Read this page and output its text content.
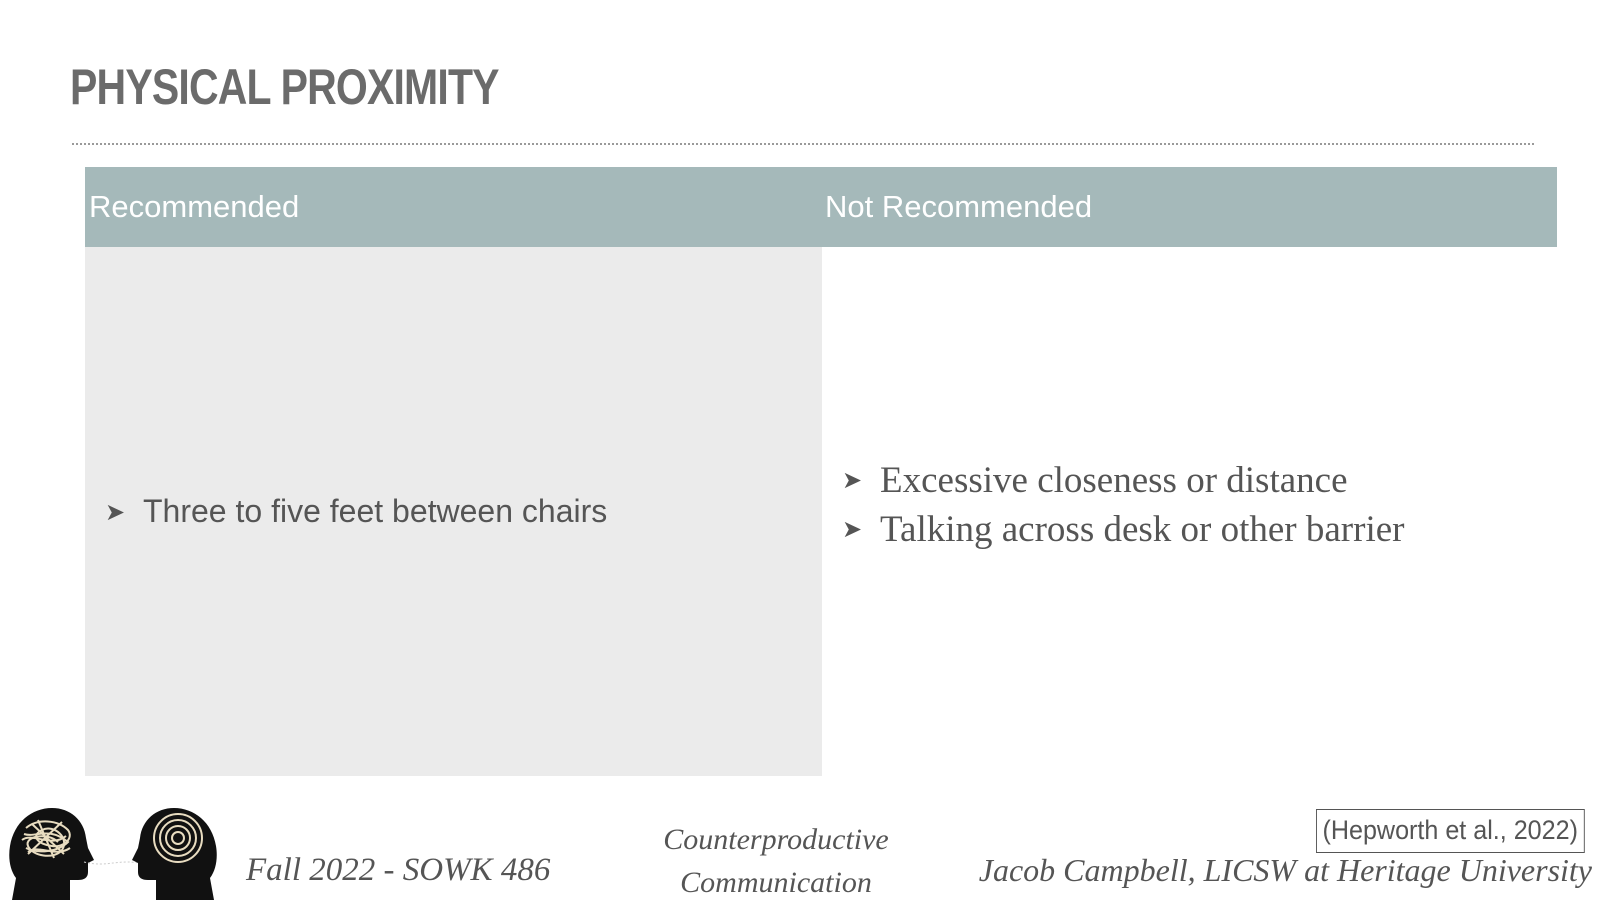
PHYSICAL PROXIMITY
Recommended	Not Recommended
➤ Three to five feet between chairs
➤ Excessive closeness or distance
➤ Talking across desk or other barrier
Fall 2022 - SOWK 486
Counterproductive
Communication
(Hepworth et al., 2022)
Jacob Campbell, LICSW at Heritage University
